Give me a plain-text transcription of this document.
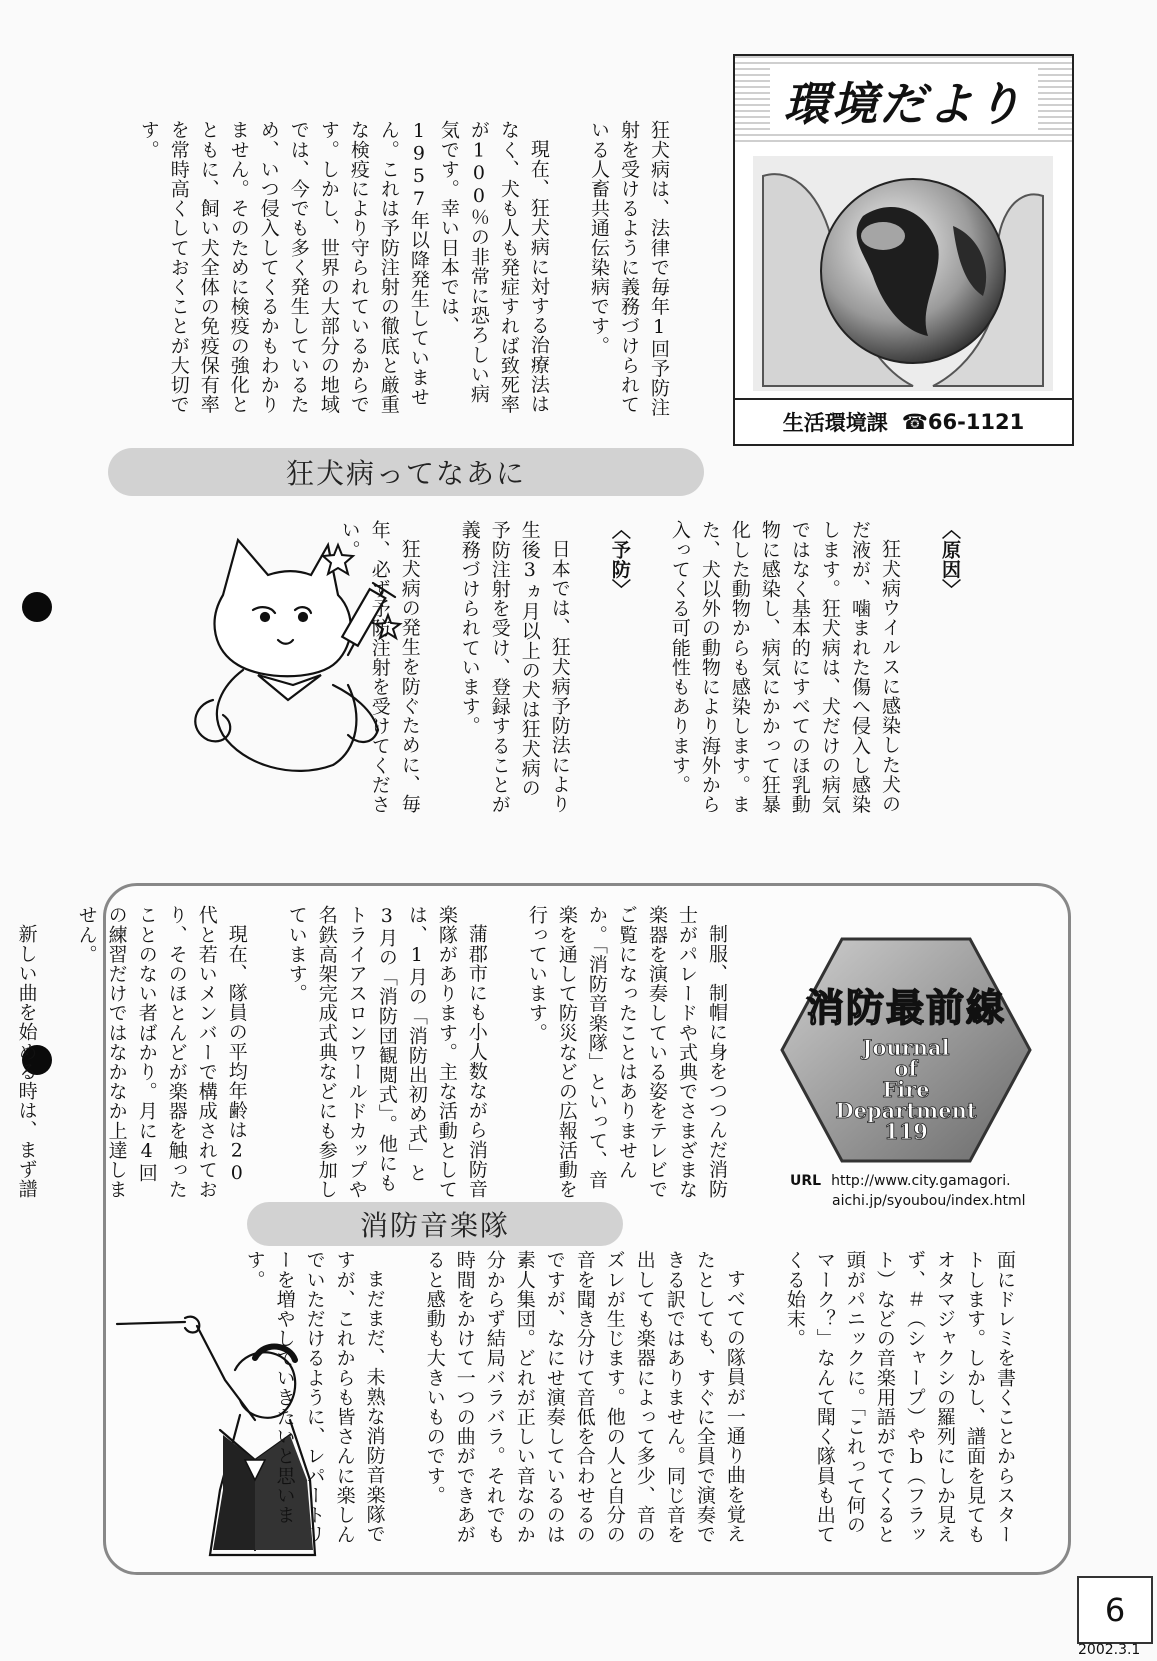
環境だより
生活環境課 ☎66‐1121

狂犬病は、法律で毎年1回予防注射を受けるように義務づけられている人畜共通伝染病です。

現在、狂犬病に対する治療法はなく、犬も人も発症すれば致死率が100％の非常に恐ろしい病気です。幸い日本では、1957年以降発生していません。これは予防注射の徹底と厳重な検疫により守られているからです。しかし、世界の大部分の地域では、今でも多く発生しているため、いつ侵入してくるかもわかりません。そのために検疫の強化とともに、飼い犬全体の免疫保有率を常時高くしておくことが大切です。

狂犬病ってなあに

〈原因〉

狂犬病ウイルスに感染した犬のだ液が、噛まれた傷へ侵入し感染します。狂犬病は、犬だけの病気ではなく基本的にすべてのほ乳動物に感染し、病気にかかって狂暴化した動物からも感染します。また、犬以外の動物により海外から入ってくる可能性もあります。

〈予防〉

日本では、狂犬病予防法により生後3ヵ月以上の犬は狂犬病の予防注射を受け、登録することが義務づけられています。

狂犬病の発生を防ぐために、毎年、必ず予防注射を受けてください。

消防最前線
Journal
of
Fire
Department
119
URL http://www.city.gamagori.
aichi.jp/syoubou/index.html

制服、制帽に身をつつんだ消防士がパレードや式典でさまざまな楽器を演奏している姿をテレビでご覧になったことはありませんか。「消防音楽隊」といって、音楽を通して防災などの広報活動を行っています。

蒲郡市にも小人数ながら消防音楽隊があります。主な活動としては、1月の「消防出初め式」と3月の「消防団観閲式」。他にもトライアスロンワールドカップや名鉄高架完成式典などにも参加しています。

現在、隊員の平均年齢は20代と若いメンバーで構成されており、そのほとんどが楽器を触ったことのない者ばかり。月に4回の練習だけではなかなか上達しません。

新しい曲を始める時は、まず譜

消防音楽隊

面にドレミを書くことからスタートします。しかし、譜面を見てもオタマジャクシの羅列にしか見えず、＃（シャープ）やｂ（フラット）などの音楽用語がでてくると頭がパニックに。「これって何のマーク？」なんて聞く隊員も出てくる始末。

すべての隊員が一通り曲を覚えたとしても、すぐに全員で演奏できる訳ではありません。同じ音を出しても楽器によって多少、音のズレが生じます。他の人と自分の音を聞き分けて音低を合わせるのですが、なにせ演奏しているのは素人集団。どれが正しい音なのか分からず結局バラバラ。それでも時間をかけて一つの曲ができあがると感動も大きいものです。

まだまだ、未熟な消防音楽隊ですが、これからも皆さんに楽しんでいただけるように、レパートリーを増やしていきたいと思います。

6
2002.3.1
